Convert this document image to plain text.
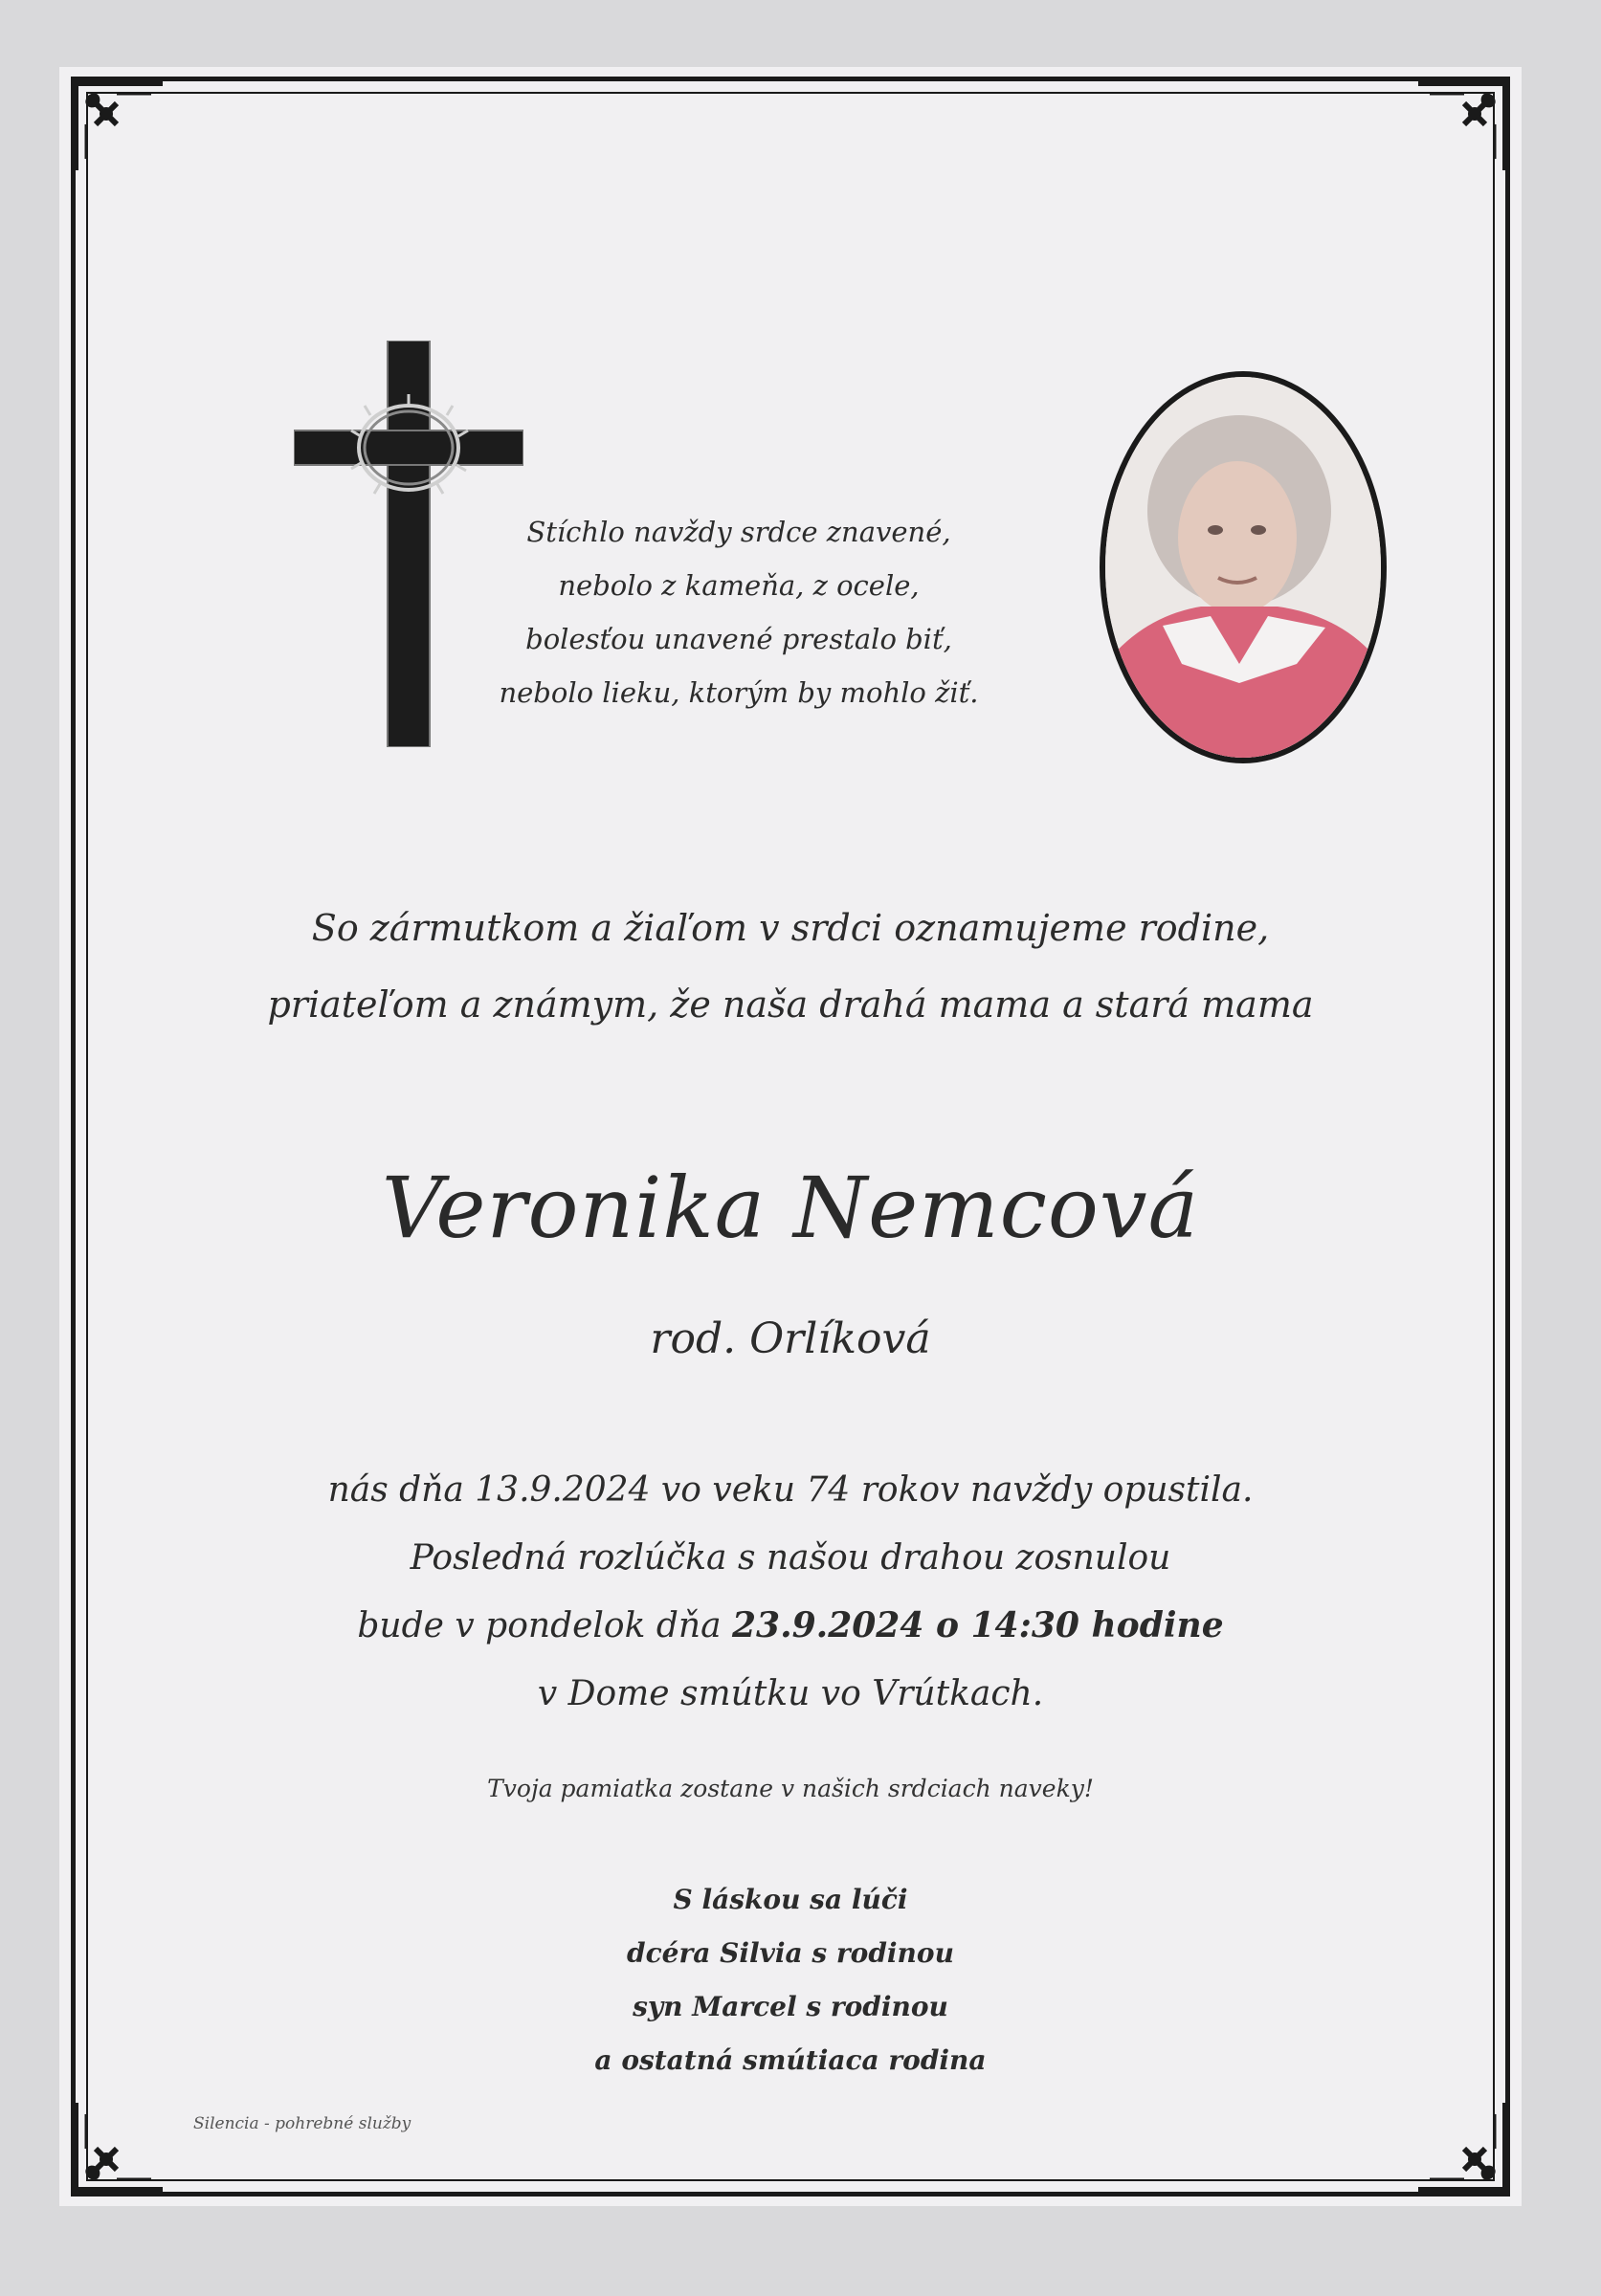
Stíchlo navždy srdce znavené,
nebolo z kameňa, z ocele,
bolesťou unavené prestalo biť,
nebolo lieku, ktorým by mohlo žiť.
So zármutkom a žiaľom v srdci oznamujeme rodine,
priateľom a známym, že naša drahá mama a stará mama
Veronika Nemcová
rod. Orlíková
nás dňa 13.9.2024 vo veku 74 rokov navždy opustila.
Posledná rozlúčka s našou drahou zosnulou
bude v pondelok dňa 23.9.2024 o 14:30 hodine
v Dome smútku vo Vrútkach.
Tvoja pamiatka zostane v našich srdciach naveky!
S láskou sa lúči
dcéra Silvia s rodinou
syn Marcel s rodinou
a ostatná smútiaca rodina
Silencia - pohrebné služby
